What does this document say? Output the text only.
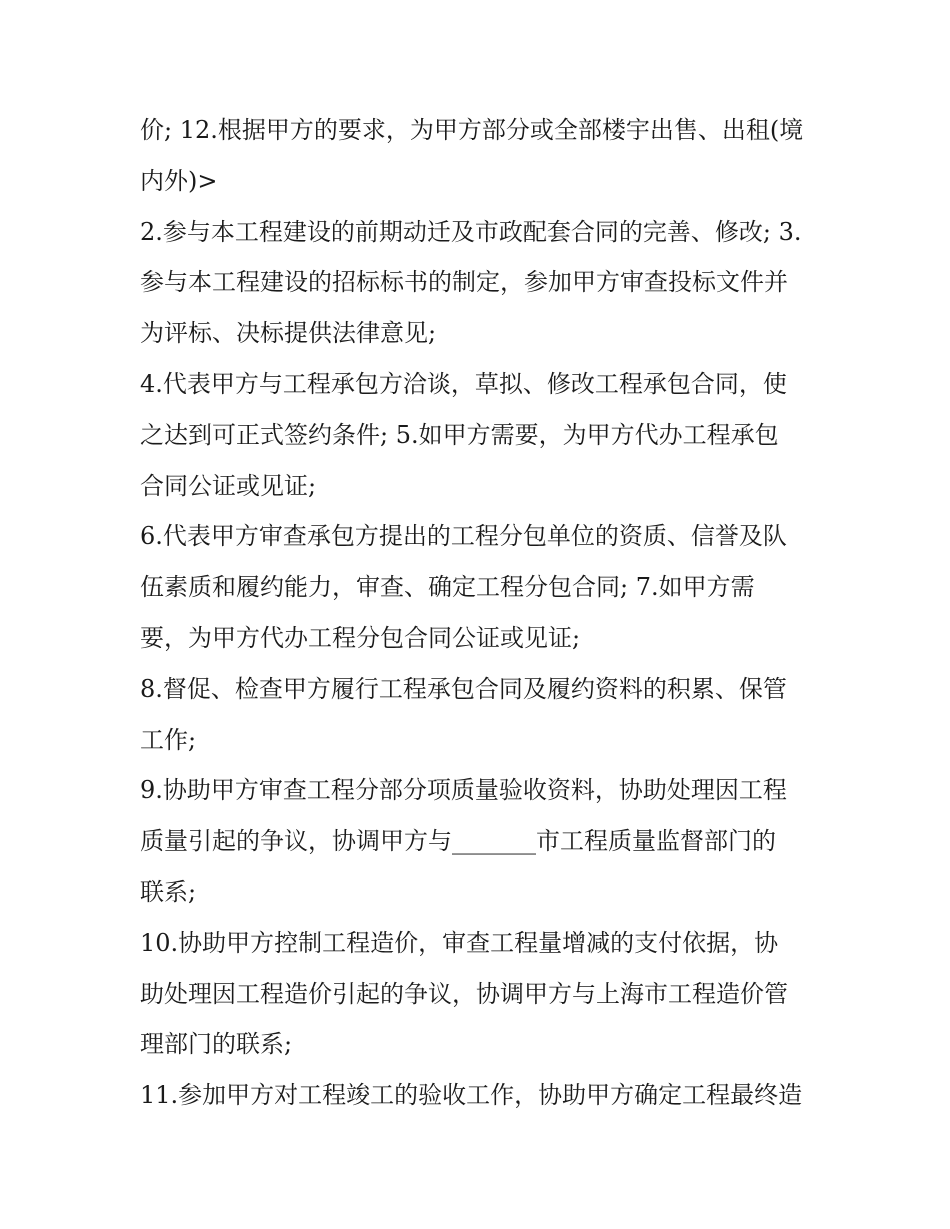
价; 12.根据甲方的要求，为甲方部分或全部楼宇出售、出租(境
内外)>
2.参与本工程建设的前期动迁及市政配套合同的完善、修改; 3.
参与本工程建设的招标标书的制定，参加甲方审查投标文件并
为评标、决标提供法律意见;
4.代表甲方与工程承包方洽谈，草拟、修改工程承包合同，使
之达到可正式签约条件; 5.如甲方需要，为甲方代办工程承包
合同公证或见证;
6.代表甲方审查承包方提出的工程分包单位的资质、信誉及队
伍素质和履约能力，审查、确定工程分包合同; 7.如甲方需
要，为甲方代办工程分包合同公证或见证;
8.督促、检查甲方履行工程承包合同及履约资料的积累、保管
工作;
9.协助甲方审查工程分部分项质量验收资料，协助处理因工程
质量引起的争议，协调甲方与_______市工程质量监督部门的
联系;
10.协助甲方控制工程造价，审查工程量增减的支付依据，协
助处理因工程造价引起的争议，协调甲方与上海市工程造价管
理部门的联系;
11.参加甲方对工程竣工的验收工作，协助甲方确定工程最终造
